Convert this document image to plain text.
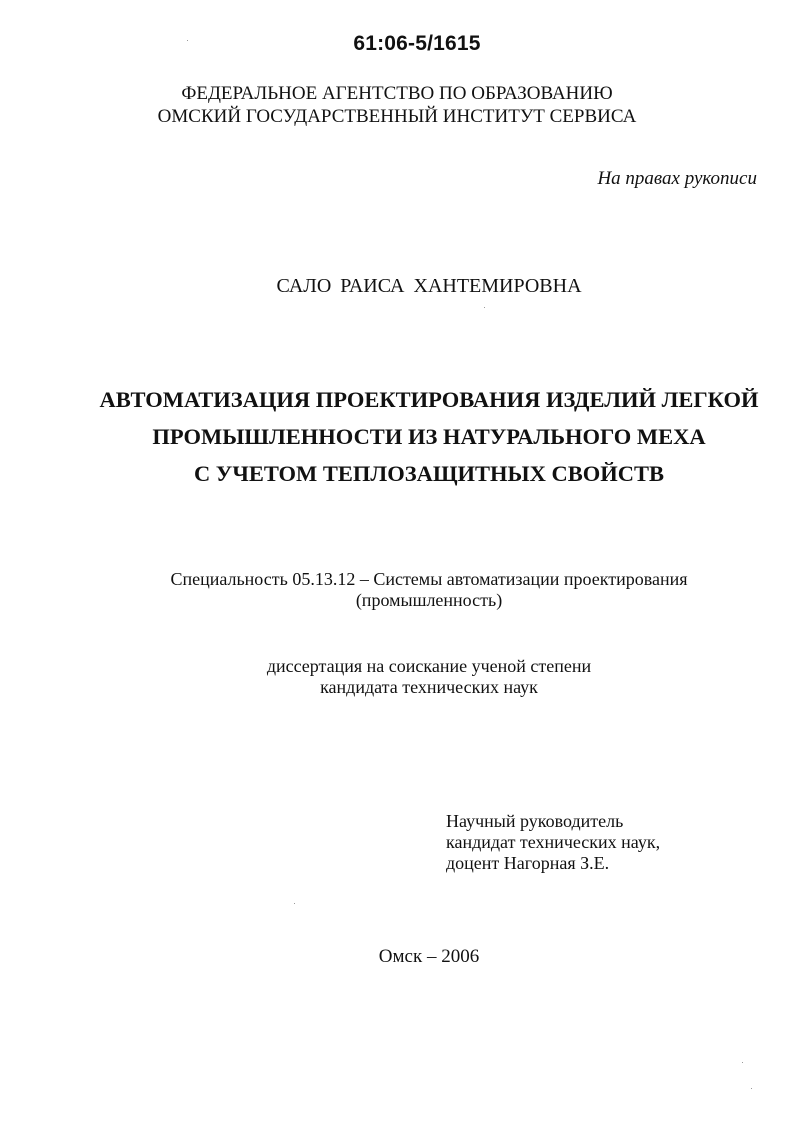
61:06-5/1615
ФЕДЕРАЛЬНОЕ АГЕНТСТВО ПО ОБРАЗОВАНИЮ
ОМСКИЙ ГОСУДАРСТВЕННЫЙ ИНСТИТУТ СЕРВИСА
На правах рукописи
САЛО РАИСА ХАНТЕМИРОВНА
АВТОМАТИЗАЦИЯ ПРОЕКТИРОВАНИЯ ИЗДЕЛИЙ ЛЕГКОЙ
ПРОМЫШЛЕННОСТИ ИЗ НАТУРАЛЬНОГО МЕХА
С УЧЕТОМ ТЕПЛОЗАЩИТНЫХ СВОЙСТВ
Специальность 05.13.12 – Системы автоматизации проектирования
(промышленность)
диссертация на соискание ученой степени
кандидата технических наук
Научный руководитель
кандидат технических наук,
доцент Нагорная З.Е.
Омск – 2006
